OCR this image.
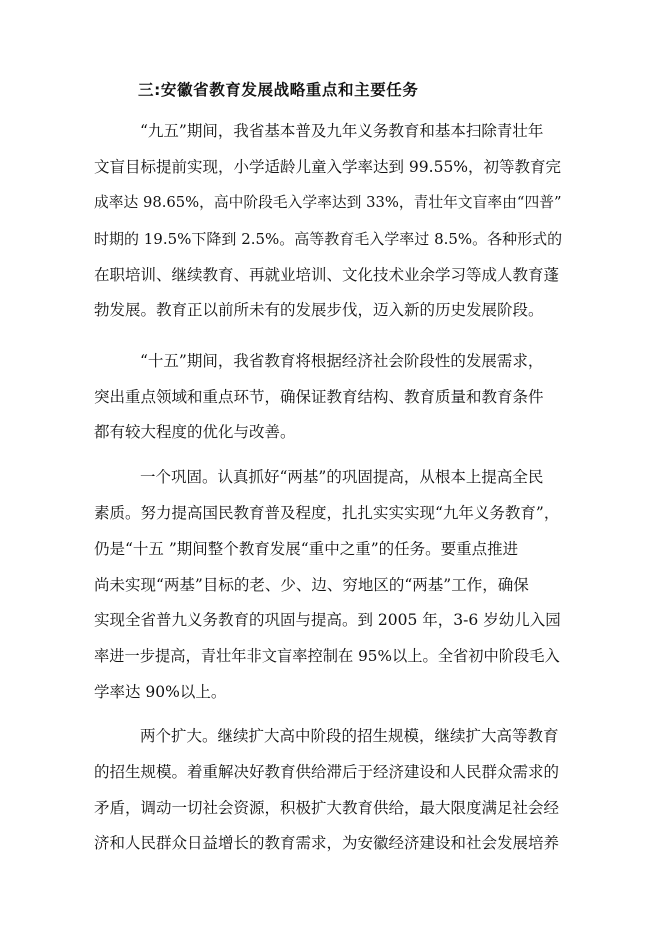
三:安徽省教育发展战略重点和主要任务

“九五”期间，我省基本普及九年义务教育和基本扫除青壮年

文盲目标提前实现，小学适龄儿童入学率达到 99.55%，初等教育完

成率达 98.65%，高中阶段毛入学率达到 33%，青壮年文盲率由“四普”

时期的 19.5%下降到 2.5%。高等教育毛入学率过 8.5%。各种形式的

在职培训、继续教育、再就业培训、文化技术业余学习等成人教育蓬

勃发展。教育正以前所未有的发展步伐，迈入新的历史发展阶段。

“十五”期间，我省教育将根据经济社会阶段性的发展需求，

突出重点领域和重点环节，确保证教育结构、教育质量和教育条件

都有较大程度的优化与改善。

一个巩固。认真抓好“两基”的巩固提高，从根本上提高全民

素质。努力提高国民教育普及程度，扎扎实实实现“九年义务教育”，

仍是“十五 ”期间整个教育发展“重中之重”的任务。要重点推进

尚未实现“两基”目标的老、少、边、穷地区的“两基”工作，确保

实现全省普九义务教育的巩固与提高。到 2005 年，3-6 岁幼儿入园

率进一步提高，青壮年非文盲率控制在 95%以上。全省初中阶段毛入

学率达 90%以上。

两个扩大。继续扩大高中阶段的招生规模，继续扩大高等教育

的招生规模。着重解决好教育供给滞后于经济建设和人民群众需求的

矛盾，调动一切社会资源，积极扩大教育供给，最大限度满足社会经

济和人民群众日益增长的教育需求，为安徽经济建设和社会发展培养
